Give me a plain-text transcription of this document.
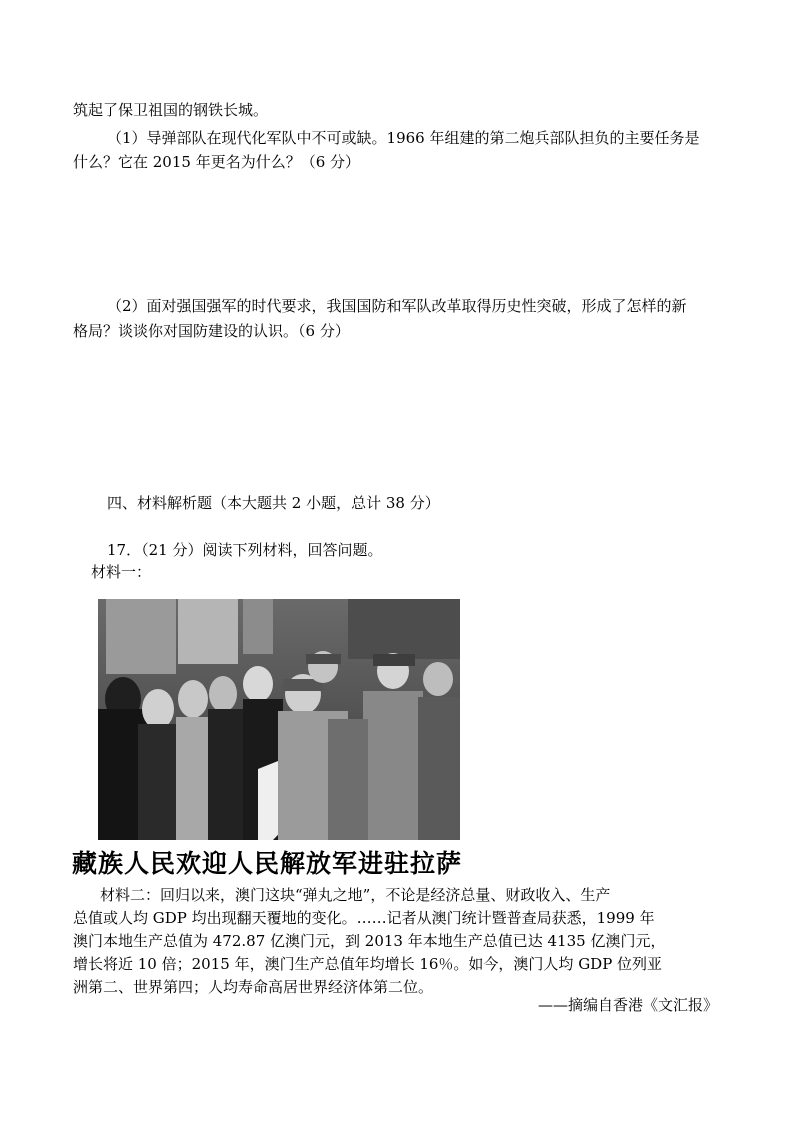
筑起了保卫祖国的钢铁长城。
（1）导弹部队在现代化军队中不可或缺。1966 年组建的第二炮兵部队担负的主要任务是
什么？它在 2015 年更名为什么？（6 分）
（2）面对强国强军的时代要求，我国国防和军队改革取得历史性突破，形成了怎样的新
格局？谈谈你对国防建设的认识。（6 分）
四、材料解析题（本大题共 2 小题，总计 38 分）
17．（21 分）阅读下列材料，回答问题。
材料一：
藏族人民欢迎人民解放军进驻拉萨
材料二：回归以来，澳门这块“弹丸之地”，不论是经济总量、财政收入、生产
总值或人均 GDP 均出现翻天覆地的变化。……记者从澳门统计暨普查局获悉，1999 年
澳门本地生产总值为 472.87 亿澳门元，到 2013 年本地生产总值已达 4135 亿澳门元，
增长将近 10 倍；2015 年，澳门生产总值年均增长 16％。如今，澳门人均 GDP 位列亚
洲第二、世界第四；人均寿命高居世界经济体第二位。
——摘编自香港《文汇报》
